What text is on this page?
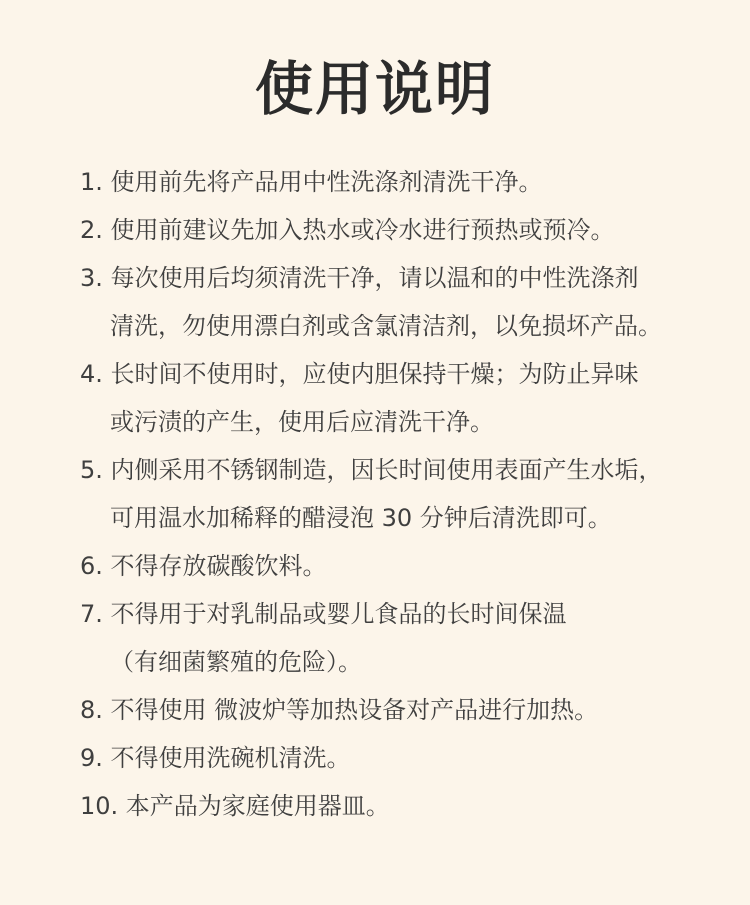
使用说明
1. 使用前先将产品用中性洗涤剂清洗干净。
2. 使用前建议先加入热水或冷水进行预热或预冷。
3. 每次使用后均须清洗干净，请以温和的中性洗涤剂
清洗，勿使用漂白剂或含氯清洁剂，以免损坏产品。
4. 长时间不使用时，应使内胆保持干燥；为防止异味
或污渍的产生，使用后应清洗干净。
5. 内侧采用不锈钢制造，因长时间使用表面产生水垢，
可用温水加稀释的醋浸泡 30 分钟后清洗即可。
6. 不得存放碳酸饮料。
7. 不得用于对乳制品或婴儿食品的长时间保温
（有细菌繁殖的危险）。
8. 不得使用 微波炉等加热设备对产品进行加热。
9. 不得使用洗碗机清洗。
10. 本产品为家庭使用器皿。
